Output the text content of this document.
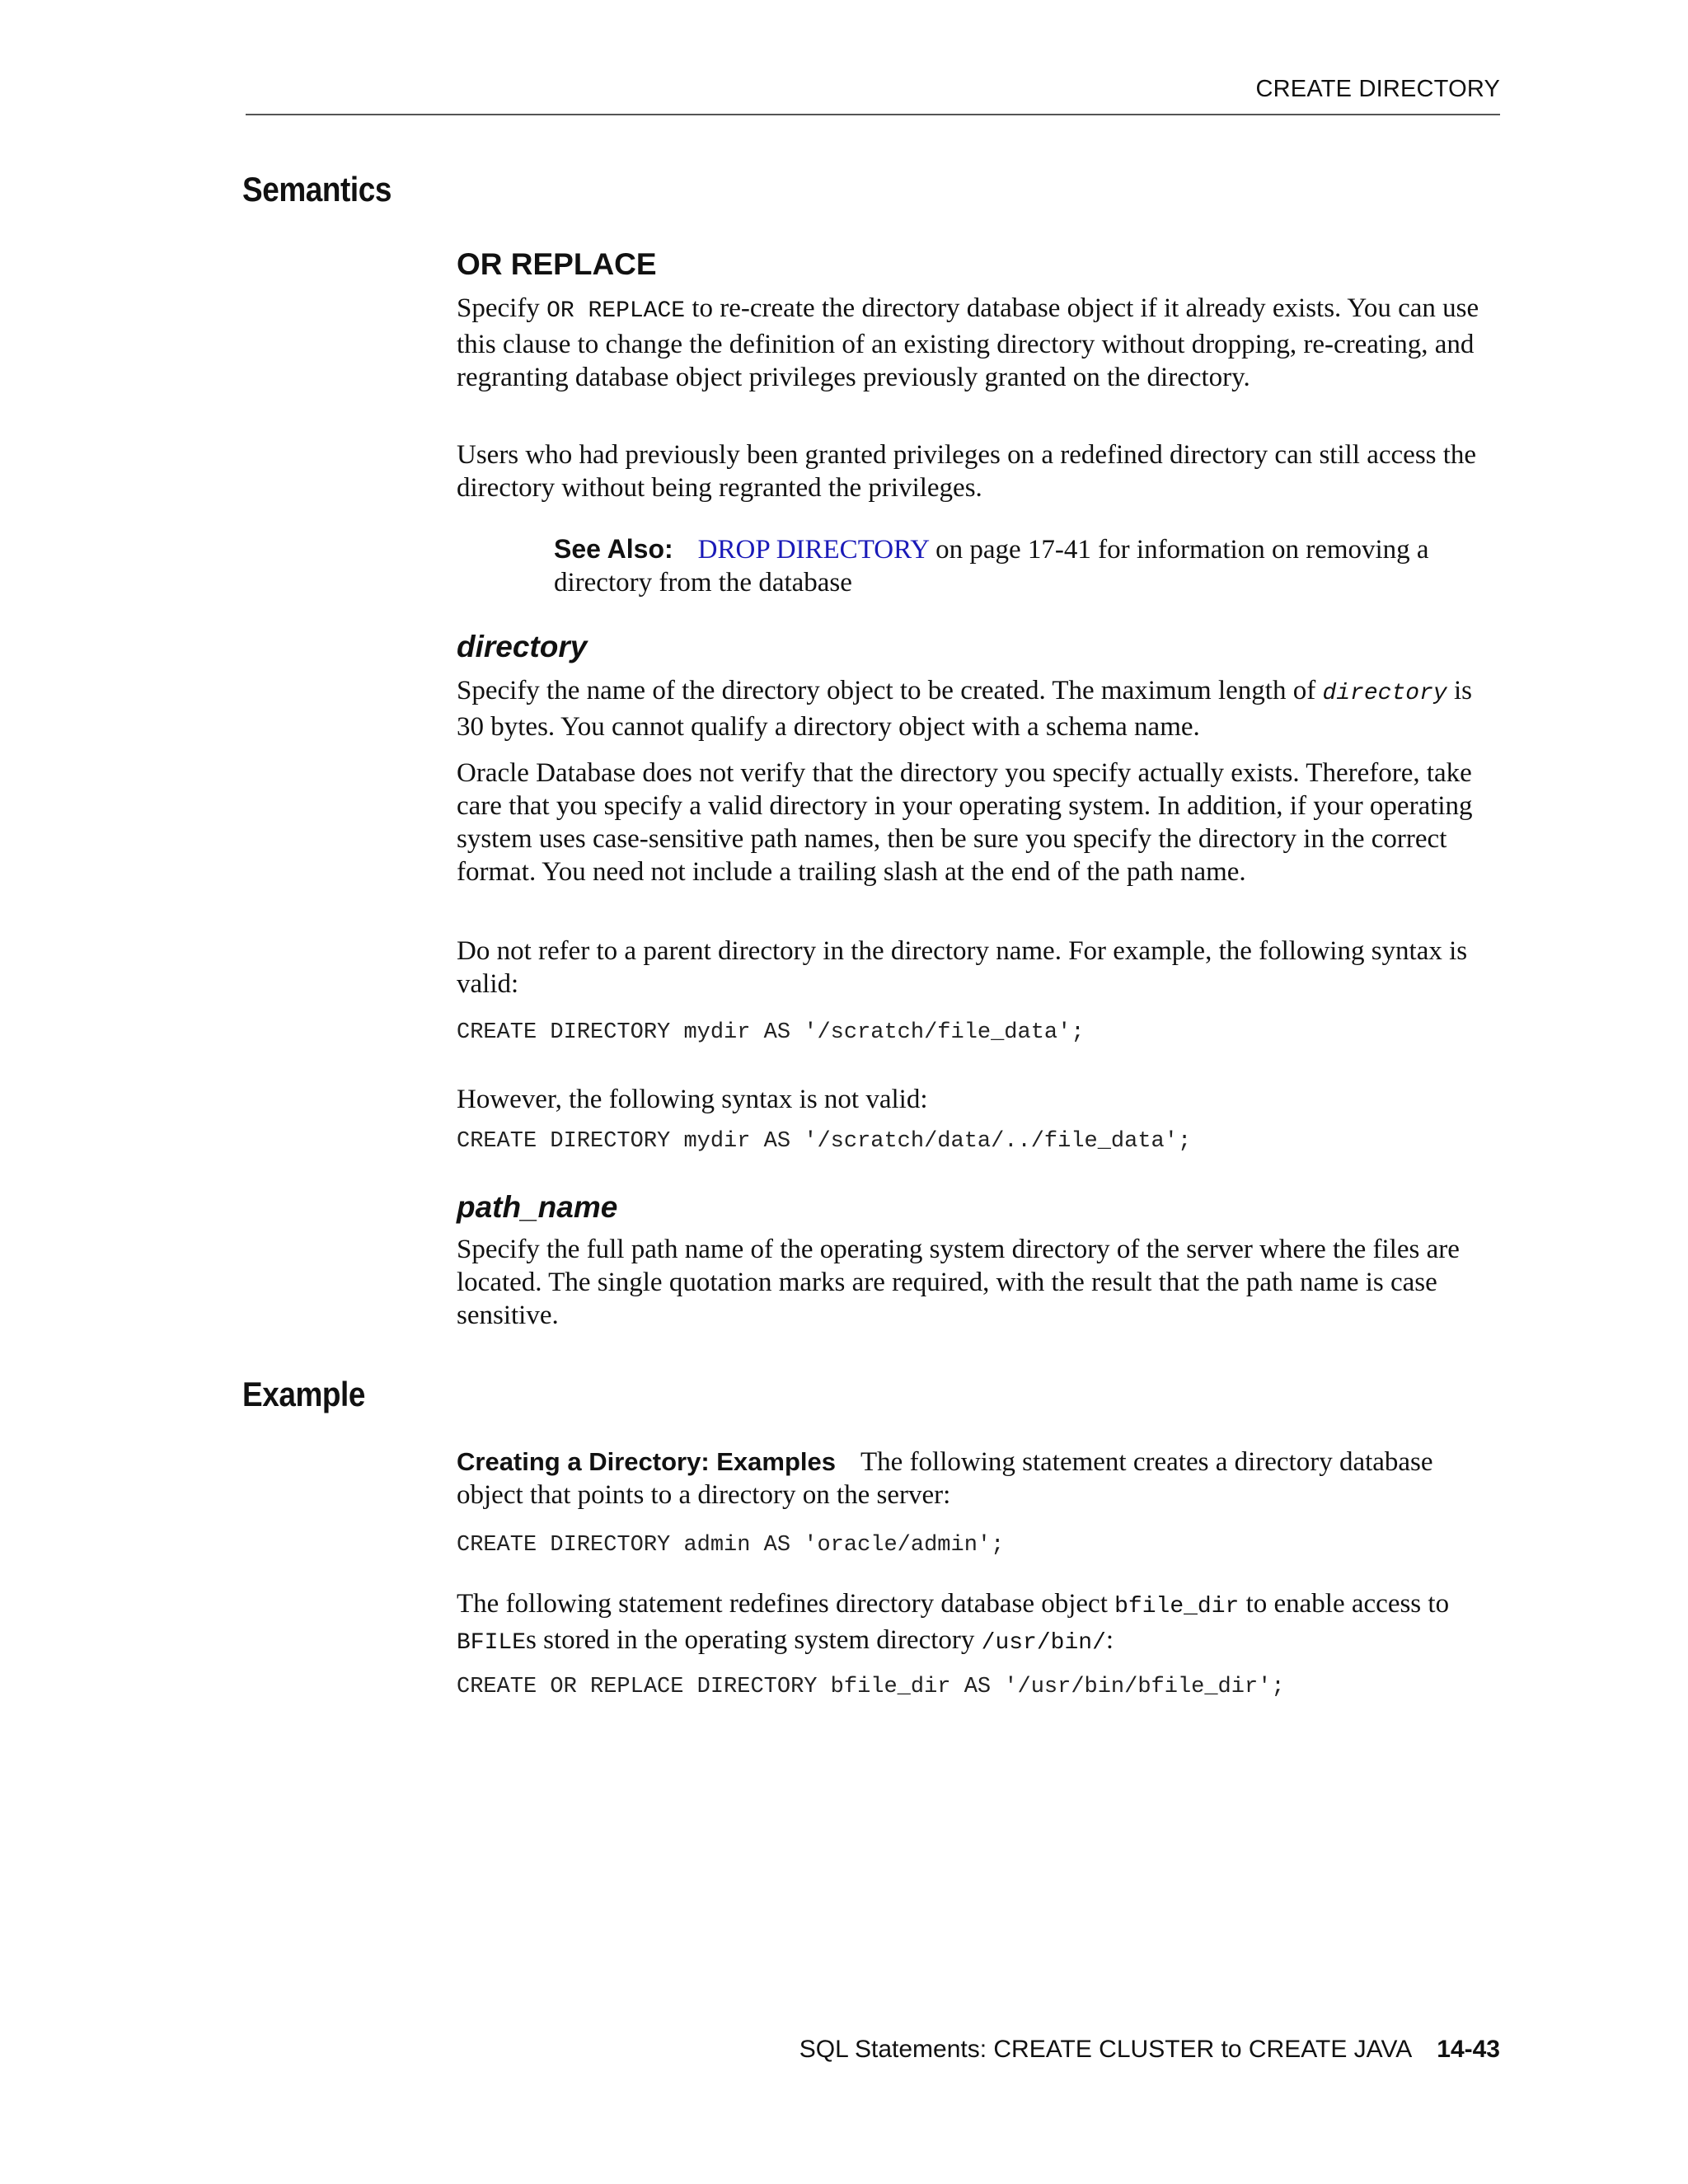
CREATE DIRECTORY
Semantics
OR REPLACE

Specify OR REPLACE to re-create the directory database object if it already exists. You can use this clause to change the definition of an existing directory without dropping, re-creating, and regranting database object privileges previously granted on the directory.

Users who had previously been granted privileges on a redefined directory can still access the directory without being regranted the privileges.

See Also: DROP DIRECTORY on page 17-41 for information on removing a directory from the database

directory

Specify the name of the directory object to be created. The maximum length of directory is 30 bytes. You cannot qualify a directory object with a schema name.

Oracle Database does not verify that the directory you specify actually exists. Therefore, take care that you specify a valid directory in your operating system. In addition, if your operating system uses case-sensitive path names, then be sure you specify the directory in the correct format. You need not include a trailing slash at the end of the path name.

Do not refer to a parent directory in the directory name. For example, the following syntax is valid:

CREATE DIRECTORY mydir AS '/scratch/file_data';

However, the following syntax is not valid:

CREATE DIRECTORY mydir AS '/scratch/data/../file_data';
path_name

Specify the full path name of the operating system directory of the server where the files are located. The single quotation marks are required, with the result that the path name is case sensitive.

Example

Creating a Directory: Examples The following statement creates a directory database object that points to a directory on the server:

CREATE DIRECTORY admin AS 'oracle/admin';

The following statement redefines directory database object bfile_dir to enable access to BFILEs stored in the operating system directory /usr/bin/:

CREATE OR REPLACE DIRECTORY bfile_dir AS '/usr/bin/bfile_dir';
SQL Statements: CREATE CLUSTER to CREATE JAVA 14-43
